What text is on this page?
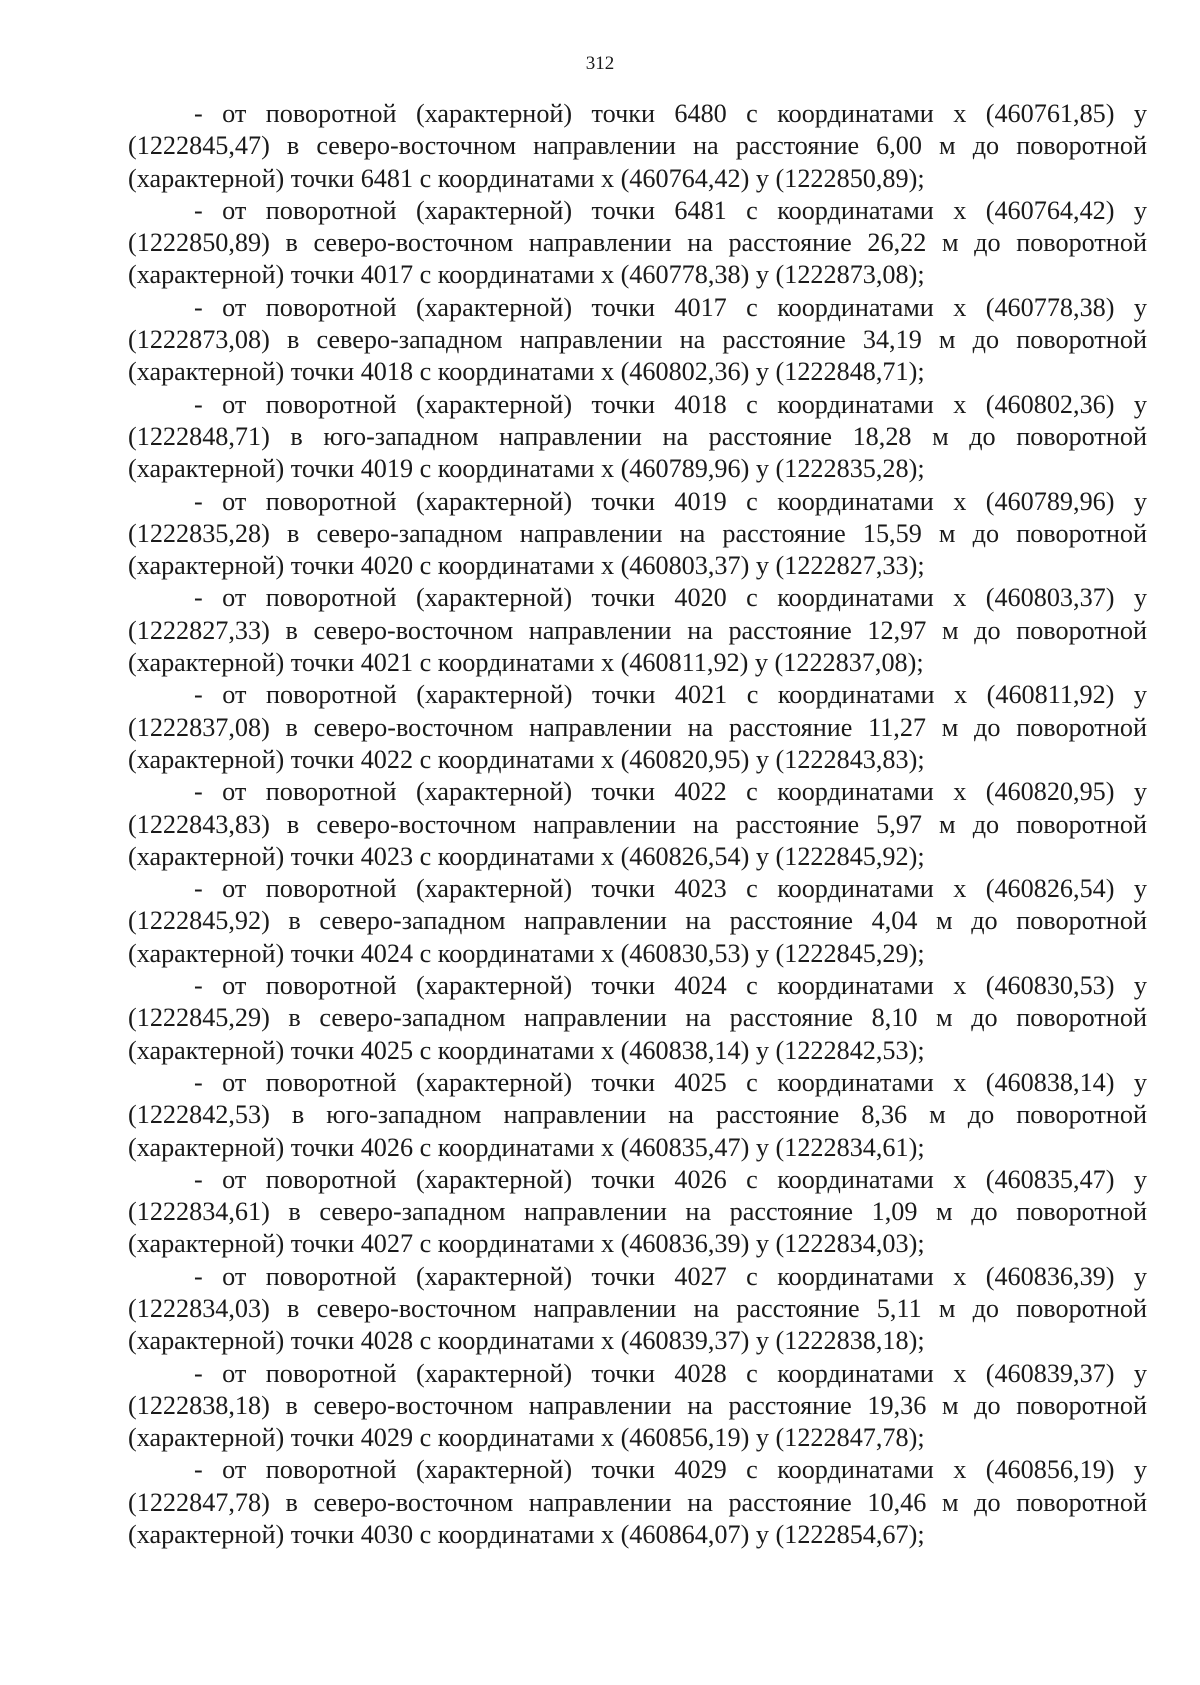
312

- от поворотной (характерной) точки 6480 с координатами x (460761,85) y (1222845,47) в северо-восточном направлении на расстояние 6,00 м до поворотной (характерной) точки 6481 с координатами x (460764,42) y (1222850,89);

- от поворотной (характерной) точки 6481 с координатами x (460764,42) y (1222850,89) в северо-восточном направлении на расстояние 26,22 м до поворотной (характерной) точки 4017 с координатами x (460778,38) y (1222873,08);

- от поворотной (характерной) точки 4017 с координатами x (460778,38) y (1222873,08) в северо-западном направлении на расстояние 34,19 м до поворотной (характерной) точки 4018 с координатами x (460802,36) y (1222848,71);

- от поворотной (характерной) точки 4018 с координатами x (460802,36) y (1222848,71) в юго-западном направлении на расстояние 18,28 м до поворотной (характерной) точки 4019 с координатами x (460789,96) y (1222835,28);

- от поворотной (характерной) точки 4019 с координатами x (460789,96) y (1222835,28) в северо-западном направлении на расстояние 15,59 м до поворотной (характерной) точки 4020 с координатами x (460803,37) y (1222827,33);

- от поворотной (характерной) точки 4020 с координатами x (460803,37) y (1222827,33) в северо-восточном направлении на расстояние 12,97 м до поворотной (характерной) точки 4021 с координатами x (460811,92) y (1222837,08);

- от поворотной (характерной) точки 4021 с координатами x (460811,92) y (1222837,08) в северо-восточном направлении на расстояние 11,27 м до поворотной (характерной) точки 4022 с координатами x (460820,95) y (1222843,83);

- от поворотной (характерной) точки 4022 с координатами x (460820,95) y (1222843,83) в северо-восточном направлении на расстояние 5,97 м до поворотной (характерной) точки 4023 с координатами x (460826,54) y (1222845,92);

- от поворотной (характерной) точки 4023 с координатами x (460826,54) y (1222845,92) в северо-западном направлении на расстояние 4,04 м до поворотной (характерной) точки 4024 с координатами x (460830,53) y (1222845,29);

- от поворотной (характерной) точки 4024 с координатами x (460830,53) y (1222845,29) в северо-западном направлении на расстояние 8,10 м до поворотной (характерной) точки 4025 с координатами x (460838,14) y (1222842,53);

- от поворотной (характерной) точки 4025 с координатами x (460838,14) y (1222842,53) в юго-западном направлении на расстояние 8,36 м до поворотной (характерной) точки 4026 с координатами x (460835,47) y (1222834,61);

- от поворотной (характерной) точки 4026 с координатами x (460835,47) y (1222834,61) в северо-западном направлении на расстояние 1,09 м до поворотной (характерной) точки 4027 с координатами x (460836,39) y (1222834,03);

- от поворотной (характерной) точки 4027 с координатами x (460836,39) y (1222834,03) в северо-восточном направлении на расстояние 5,11 м до поворотной (характерной) точки 4028 с координатами x (460839,37) y (1222838,18);

- от поворотной (характерной) точки 4028 с координатами x (460839,37) y (1222838,18) в северо-восточном направлении на расстояние 19,36 м до поворотной (характерной) точки 4029 с координатами x (460856,19) y (1222847,78);

- от поворотной (характерной) точки 4029 с координатами x (460856,19) y (1222847,78) в северо-восточном направлении на расстояние 10,46 м до поворотной (характерной) точки 4030 с координатами x (460864,07) y (1222854,67);
